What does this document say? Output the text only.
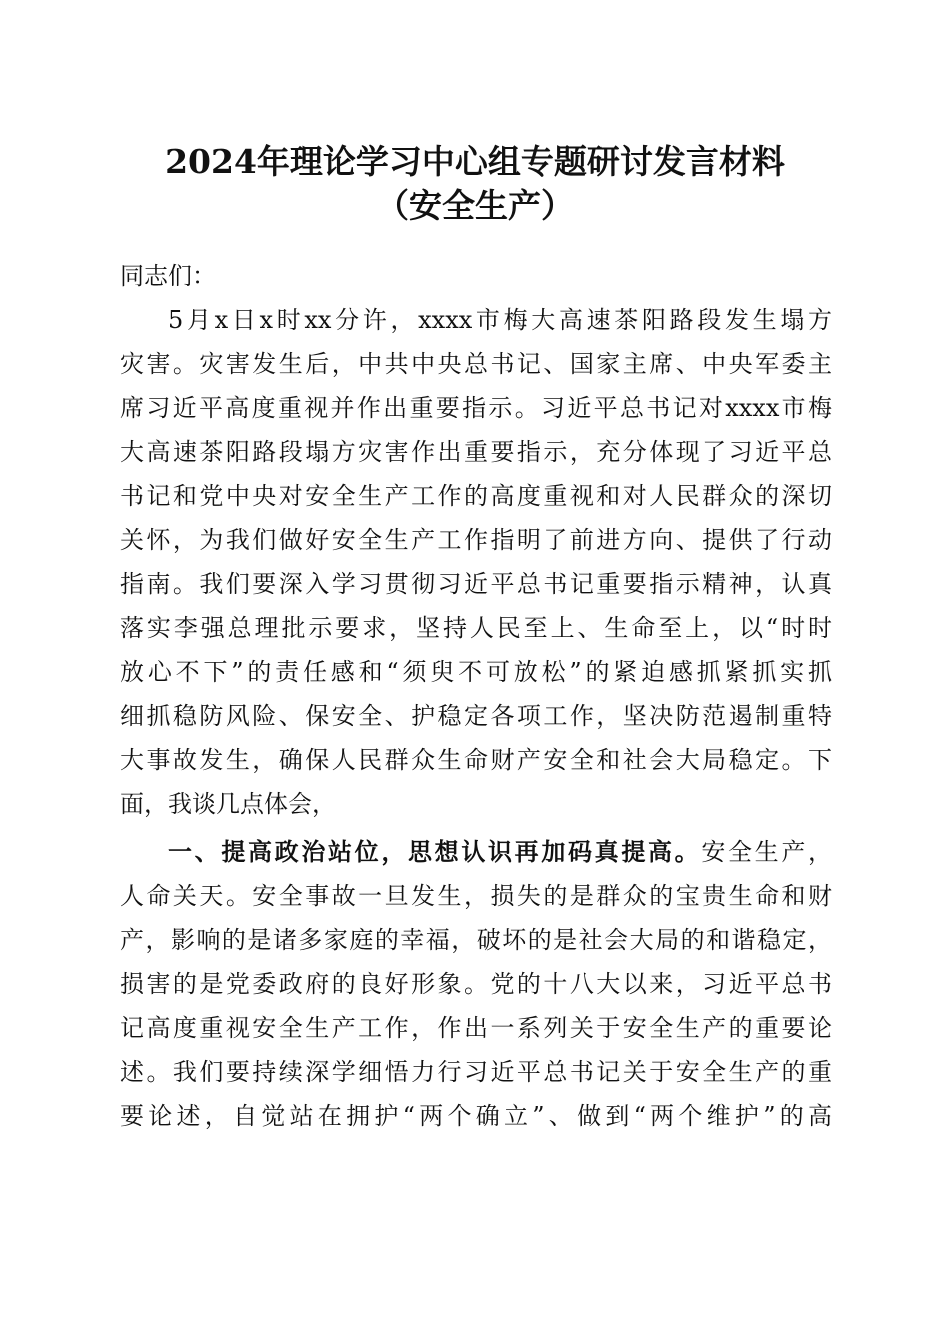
2024年理论学习中心组专题研讨发言材料
（安全生产）
同志们：
5月x日x时xx分许，xxxx市梅大高速茶阳路段发生塌方
灾害。灾害发生后，中共中央总书记、国家主席、中央军委主
席习近平高度重视并作出重要指示。习近平总书记对xxxx市梅
大高速茶阳路段塌方灾害作出重要指示，充分体现了习近平总
书记和党中央对安全生产工作的高度重视和对人民群众的深切
关怀，为我们做好安全生产工作指明了前进方向、提供了行动
指南。我们要深入学习贯彻习近平总书记重要指示精神，认真
落实李强总理批示要求，坚持人民至上、生命至上，以“时时
放心不下”的责任感和“须臾不可放松”的紧迫感抓紧抓实抓
细抓稳防风险、保安全、护稳定各项工作，坚决防范遏制重特
大事故发生，确保人民群众生命财产安全和社会大局稳定。下
面，我谈几点体会，
一、提高政治站位，思想认识再加码真提高。安全生产，
人命关天。安全事故一旦发生，损失的是群众的宝贵生命和财
产，影响的是诸多家庭的幸福，破坏的是社会大局的和谐稳定，
损害的是党委政府的良好形象。党的十八大以来，习近平总书
记高度重视安全生产工作，作出一系列关于安全生产的重要论
述。我们要持续深学细悟力行习近平总书记关于安全生产的重
要论述，自觉站在拥护“两个确立”、做到“两个维护”的高
